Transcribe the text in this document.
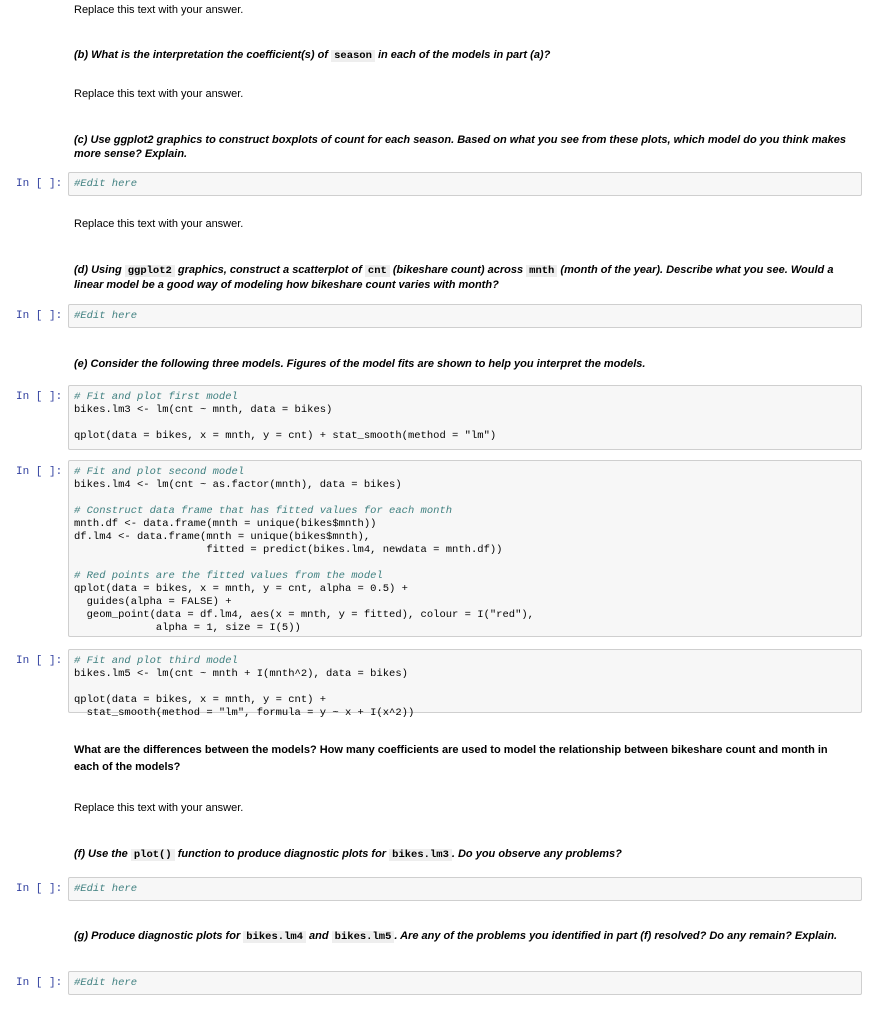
Replace this text with your answer.
(b) What is the interpretation the coefficient(s) of season in each of the models in part (a)?
Replace this text with your answer.
(c) Use ggplot2 graphics to construct boxplots of count for each season. Based on what you see from these plots, which model do you think makes more sense? Explain.
In [ ]:	#Edit here
Replace this text with your answer.
(d) Using ggplot2 graphics, construct a scatterplot of cnt (bikeshare count) across mnth (month of the year). Describe what you see. Would a linear model be a good way of modeling how bikeshare count varies with month?
In [ ]:	#Edit here
(e) Consider the following three models. Figures of the model fits are shown to help you interpret the models.
In [ ]:	# Fit and plot first model
bikes.lm3 <- lm(cnt ~ mnth, data = bikes)

qplot(data = bikes, x = mnth, y = cnt) + stat_smooth(method = "lm")
In [ ]:	# Fit and plot second model
bikes.lm4 <- lm(cnt ~ as.factor(mnth), data = bikes)

# Construct data frame that has fitted values for each month
mnth.df <- data.frame(mnth = unique(bikes$mnth))
df.lm4 <- data.frame(mnth = unique(bikes$mnth),
fitted = predict(bikes.lm4, newdata = mnth.df))

# Red points are the fitted values from the model
qplot(data = bikes, x = mnth, y = cnt, alpha = 0.5) +
guides(alpha = FALSE) +
geom_point(data = df.lm4, aes(x = mnth, y = fitted), colour = I("red"),
alpha = 1, size = I(5))
In [ ]:	# Fit and plot third model
bikes.lm5 <- lm(cnt ~ mnth + I(mnth^2), data = bikes)

qplot(data = bikes, x = mnth, y = cnt) +
stat_smooth(method = "lm", formula = y ~ x + I(x^2))
What are the differences between the models? How many coefficients are used to model the relationship between bikeshare count and month in each of the models?
Replace this text with your answer.
(f) Use the plot() function to produce diagnostic plots for bikes.lm3 . Do you observe any problems?
In [ ]:	#Edit here
(g) Produce diagnostic plots for bikes.lm4 and bikes.lm5 . Are any of the problems you identified in part (f) resolved? Do any remain? Explain.
In [ ]:	#Edit here
